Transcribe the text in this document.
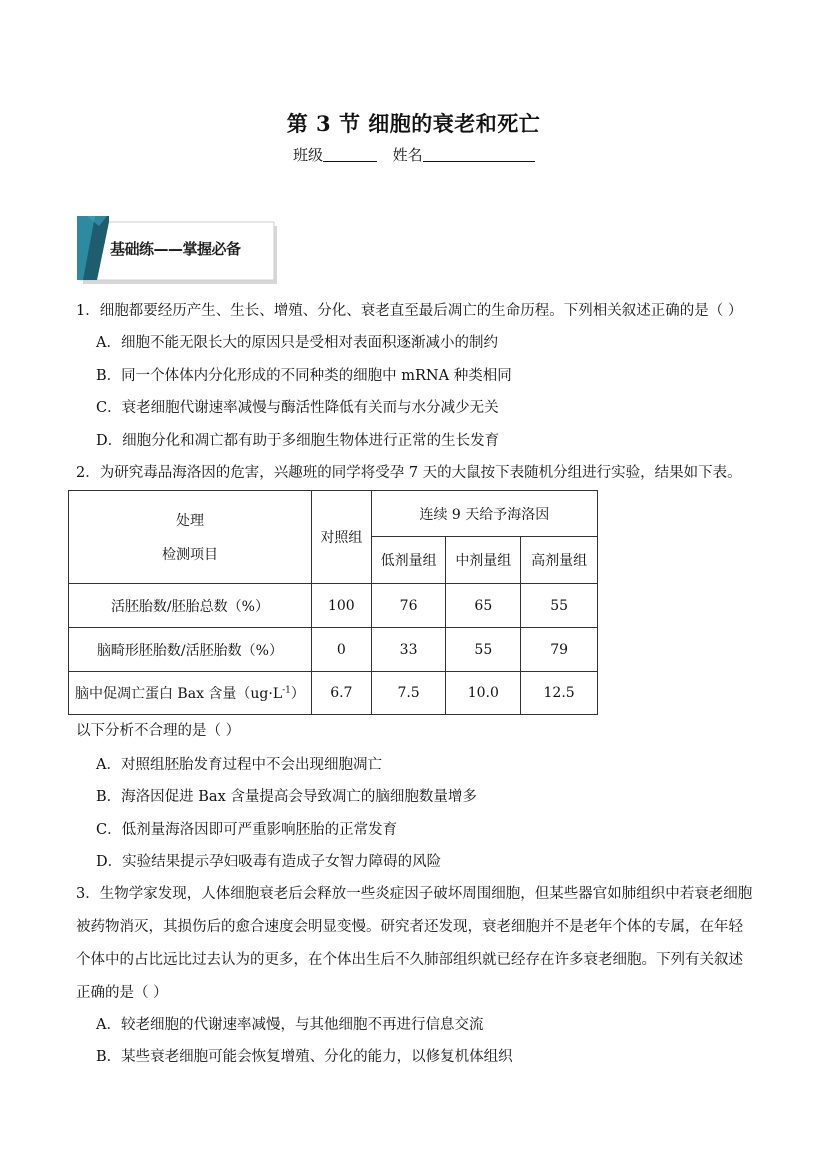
第 3 节 细胞的衰老和死亡
班级	姓名
基础练——掌握必备
1．细胞都要经历产生、生长、增殖、分化、衰老直至最后凋亡的生命历程。下列相关叙述正确的是（ ）
A．细胞不能无限长大的原因只是受相对表面积逐渐减小的制约
B．同一个体体内分化形成的不同种类的细胞中 mRNA 种类相同
C．衰老细胞代谢速率减慢与酶活性降低有关而与水分减少无关
D．细胞分化和凋亡都有助于多细胞生物体进行正常的生长发育
2．为研究毒品海洛因的危害，兴趣班的同学将受孕 7 天的大鼠按下表随机分组进行实验，结果如下表。
处理
检测项目	对照组	连续 9 天给予海洛因		
		低剂量组	中剂量组	高剂量组
活胚胎数/胚胎总数（%）	100	76	65	55
脑畸形胚胎数/活胚胎数（%）	0	33	55	79
脑中促凋亡蛋白 Bax 含量$(ug\cdot L^{-1})$	6.7	7.5	10.0	12.5
以下分析不合理的是（ ）
A．对照组胚胎发育过程中不会出现细胞凋亡
B．海洛因促进 Bax 含量提高会导致凋亡的脑细胞数量增多
C．低剂量海洛因即可严重影响胚胎的正常发育
D．实验结果提示孕妇吸毒有造成子女智力障碍的风险
3．生物学家发现，人体细胞衰老后会释放一些炎症因子破坏周围细胞，但某些器官如肺组织中若衰老细胞
被药物消灭，其损伤后的愈合速度会明显变慢。研究者还发现，衰老细胞并不是老年个体的专属，在年轻
个体中的占比远比过去认为的更多，在个体出生后不久肺部组织就已经存在许多衰老细胞。下列有关叙述
正确的是（ ）
A．较老细胞的代谢速率减慢，与其他细胞不再进行信息交流
B．某些衰老细胞可能会恢复增殖、分化的能力，以修复机体组织
